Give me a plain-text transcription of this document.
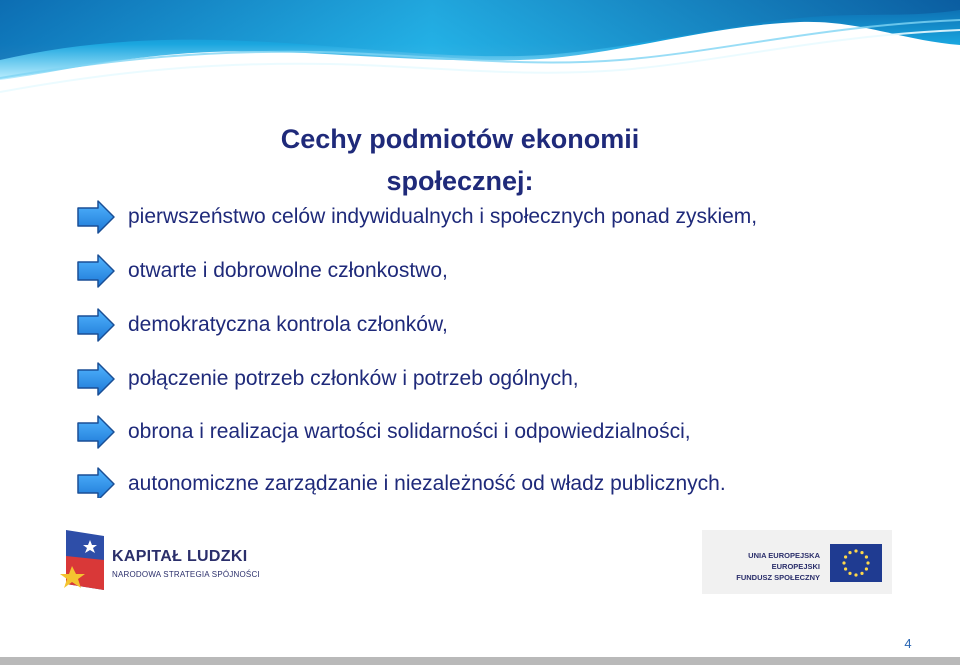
Cechy podmiotów ekonomii
społecznej:
pierwszeństwo celów indywidualnych i społecznych ponad zyskiem,
otwarte i dobrowolne członkostwo,
demokratyczna kontrola członków,
połączenie potrzeb członków i potrzeb ogólnych,
obrona i realizacja wartości solidarności i odpowiedzialności,
autonomiczne zarządzanie i niezależność od władz publicznych.
KAPITAŁ LUDZKI
NARODOWA STRATEGIA SPÓJNOŚCI
UNIA EUROPEJSKA
EUROPEJSKI
FUNDUSZ SPOŁECZNY
4
